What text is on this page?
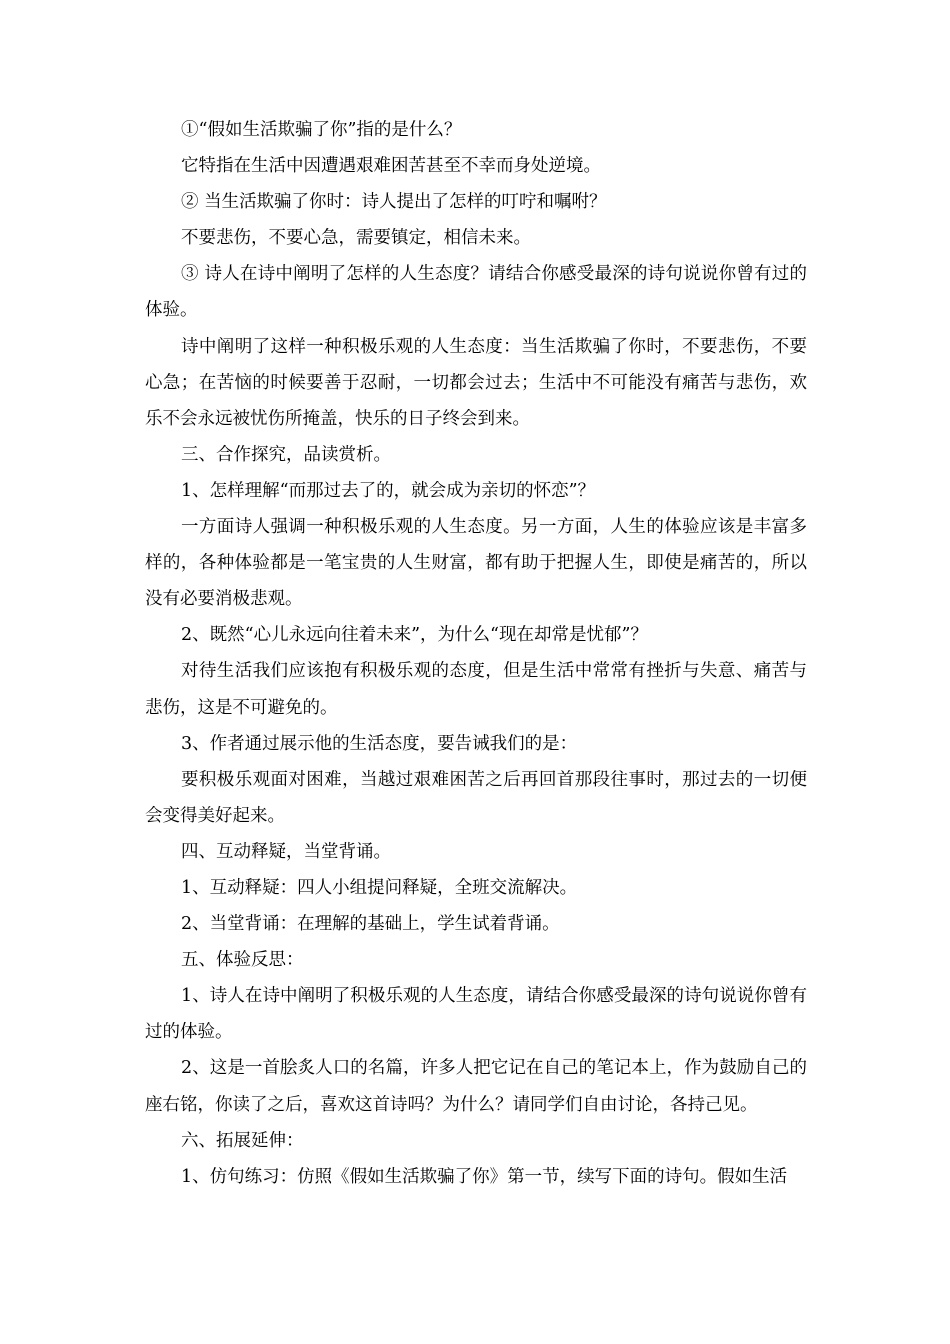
①“假如生活欺骗了你”指的是什么？

它特指在生活中因遭遇艰难困苦甚至不幸而身处逆境。

② 当生活欺骗了你时：诗人提出了怎样的叮咛和嘱咐？

不要悲伤，不要心急，需要镇定，相信未来。

③ 诗人在诗中阐明了怎样的人生态度？请结合你感受最深的诗句说说你曾有过的体验。

诗中阐明了这样一种积极乐观的人生态度：当生活欺骗了你时，不要悲伤，不要心急；在苦恼的时候要善于忍耐，一切都会过去；生活中不可能没有痛苦与悲伤，欢乐不会永远被忧伤所掩盖，快乐的日子终会到来。

三、合作探究，品读赏析。

1、怎样理解“而那过去了的，就会成为亲切的怀恋”？

一方面诗人强调一种积极乐观的人生态度。另一方面，人生的体验应该是丰富多样的，各种体验都是一笔宝贵的人生财富，都有助于把握人生，即使是痛苦的，所以没有必要消极悲观。

2、既然“心儿永远向往着未来”，为什么“现在却常是忧郁”？

对待生活我们应该抱有积极乐观的态度，但是生活中常常有挫折与失意、痛苦与悲伤，这是不可避免的。

3、作者通过展示他的生活态度，要告诫我们的是：

要积极乐观面对困难，当越过艰难困苦之后再回首那段往事时，那过去的一切便会变得美好起来。

四、互动释疑，当堂背诵。

1、互动释疑：四人小组提问释疑，全班交流解决。

2、当堂背诵：在理解的基础上，学生试着背诵。

五、体验反思：

1、诗人在诗中阐明了积极乐观的人生态度，请结合你感受最深的诗句说说你曾有过的体验。

2、这是一首脍炙人口的名篇，许多人把它记在自己的笔记本上，作为鼓励自己的座右铭，你读了之后，喜欢这首诗吗？为什么？请同学们自由讨论，各持己见。

六、拓展延伸：

1、仿句练习：仿照《假如生活欺骗了你》第一节，续写下面的诗句。假如生活
